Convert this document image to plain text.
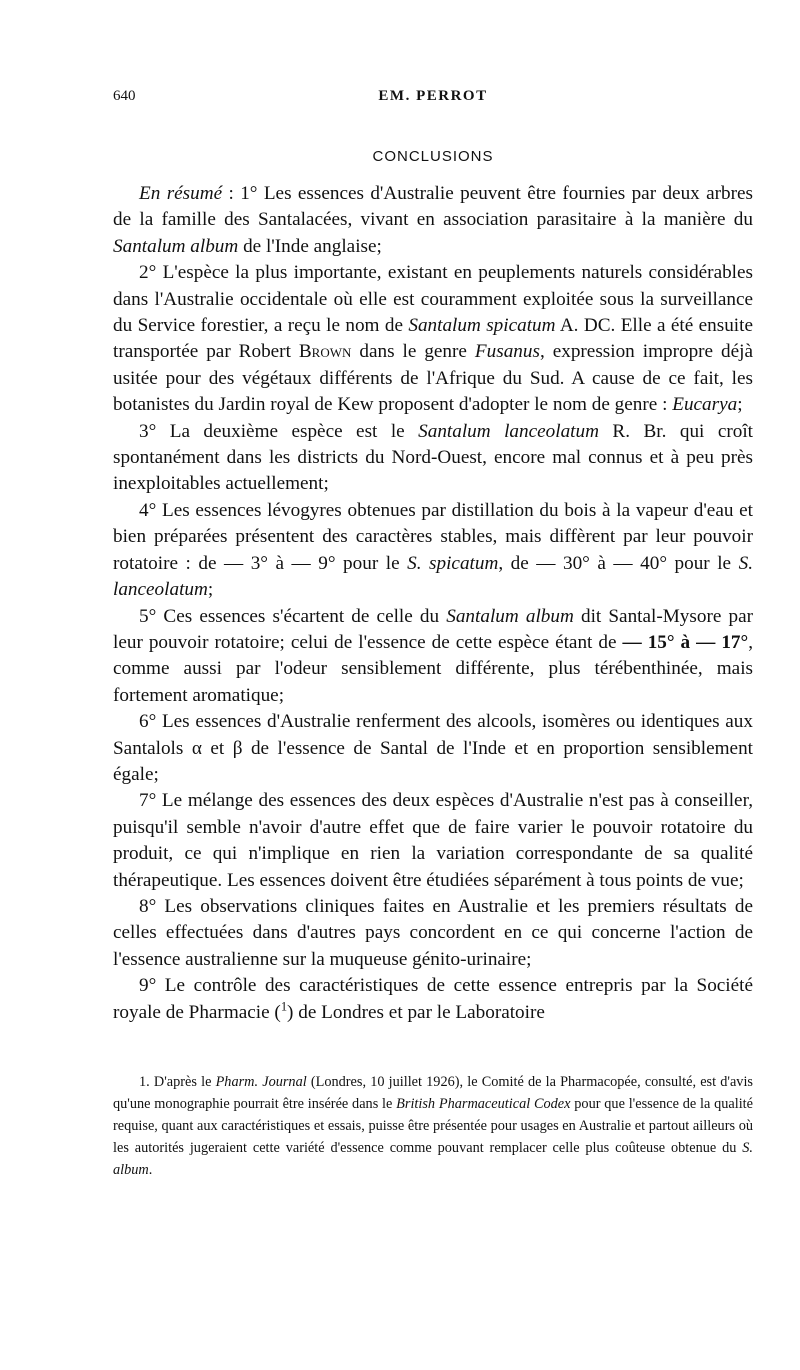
640	EM. PERROT
CONCLUSIONS

En résumé : 1° Les essences d'Australie peuvent être fournies par deux arbres de la famille des Santalacées, vivant en association parasitaire à la manière du Santalum album de l'Inde anglaise;

2° L'espèce la plus importante, existant en peuplements naturels considérables dans l'Australie occidentale où elle est couramment exploitée sous la surveillance du Service forestier, a reçu le nom de Santalum spicatum A. DC. Elle a été ensuite transportée par Robert Brown dans le genre Fusanus, expression impropre déjà usitée pour des végétaux différents de l'Afrique du Sud. A cause de ce fait, les botanistes du Jardin royal de Kew proposent d'adopter le nom de genre : Eucarya;

3° La deuxième espèce est le Santalum lanceolatum R. Br. qui croît spontanément dans les districts du Nord-Ouest, encore mal connus et à peu près inexploitables actuellement;

4° Les essences lévogyres obtenues par distillation du bois à la vapeur d'eau et bien préparées présentent des caractères stables, mais diffèrent par leur pouvoir rotatoire : de — 3° à — 9° pour le S. spicatum, de — 30° à — 40° pour le S. lanceolatum;

5° Ces essences s'écartent de celle du Santalum album dit Santal-Mysore par leur pouvoir rotatoire; celui de l'essence de cette espèce étant de — 15° à — 17°, comme aussi par l'odeur sensiblement différente, plus térébenthinée, mais fortement aromatique;

6° Les essences d'Australie renferment des alcools, isomères ou identiques aux Santalols α et β de l'essence de Santal de l'Inde et en proportion sensiblement égale;

7° Le mélange des essences des deux espèces d'Australie n'est pas à conseiller, puisqu'il semble n'avoir d'autre effet que de faire varier le pouvoir rotatoire du produit, ce qui n'implique en rien la variation correspondante de sa qualité thérapeutique. Les essences doivent être étudiées séparément à tous points de vue;

8° Les observations cliniques faites en Australie et les premiers résultats de celles effectuées dans d'autres pays concordent en ce qui concerne l'action de l'essence australienne sur la muqueuse génito-urinaire;

9° Le contrôle des caractéristiques de cette essence entrepris par la Société royale de Pharmacie ($^1$) de Londres et par le Laboratoire

1. D'après le Pharm. Journal (Londres, 10 juillet 1926), le Comité de la Pharmacopée, consulté, est d'avis qu'une monographie pourrait être insérée dans le British Pharmaceutical Codex pour que l'essence de la qualité requise, quant aux caractéristiques et essais, puisse être présentée pour usages en Australie et partout ailleurs où les autorités jugeraient cette variété d'essence comme pouvant remplacer celle plus coûteuse obtenue du S. album.
